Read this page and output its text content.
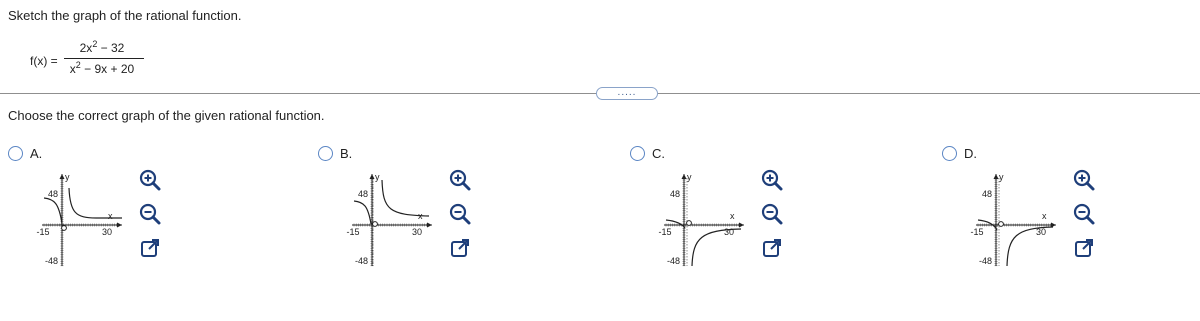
Sketch the graph of the rational function.
f(x) =
$2x^2 - 32$
$x^2 - 9x + 20$
.....
Choose the correct graph of the given rational function.
A.
y
x
48
-48
-15	30
B.
y
x
48
-48
-15	30
C.
y
x
48
-48
-15	30
D.
y
x
48
-48
-15	30
